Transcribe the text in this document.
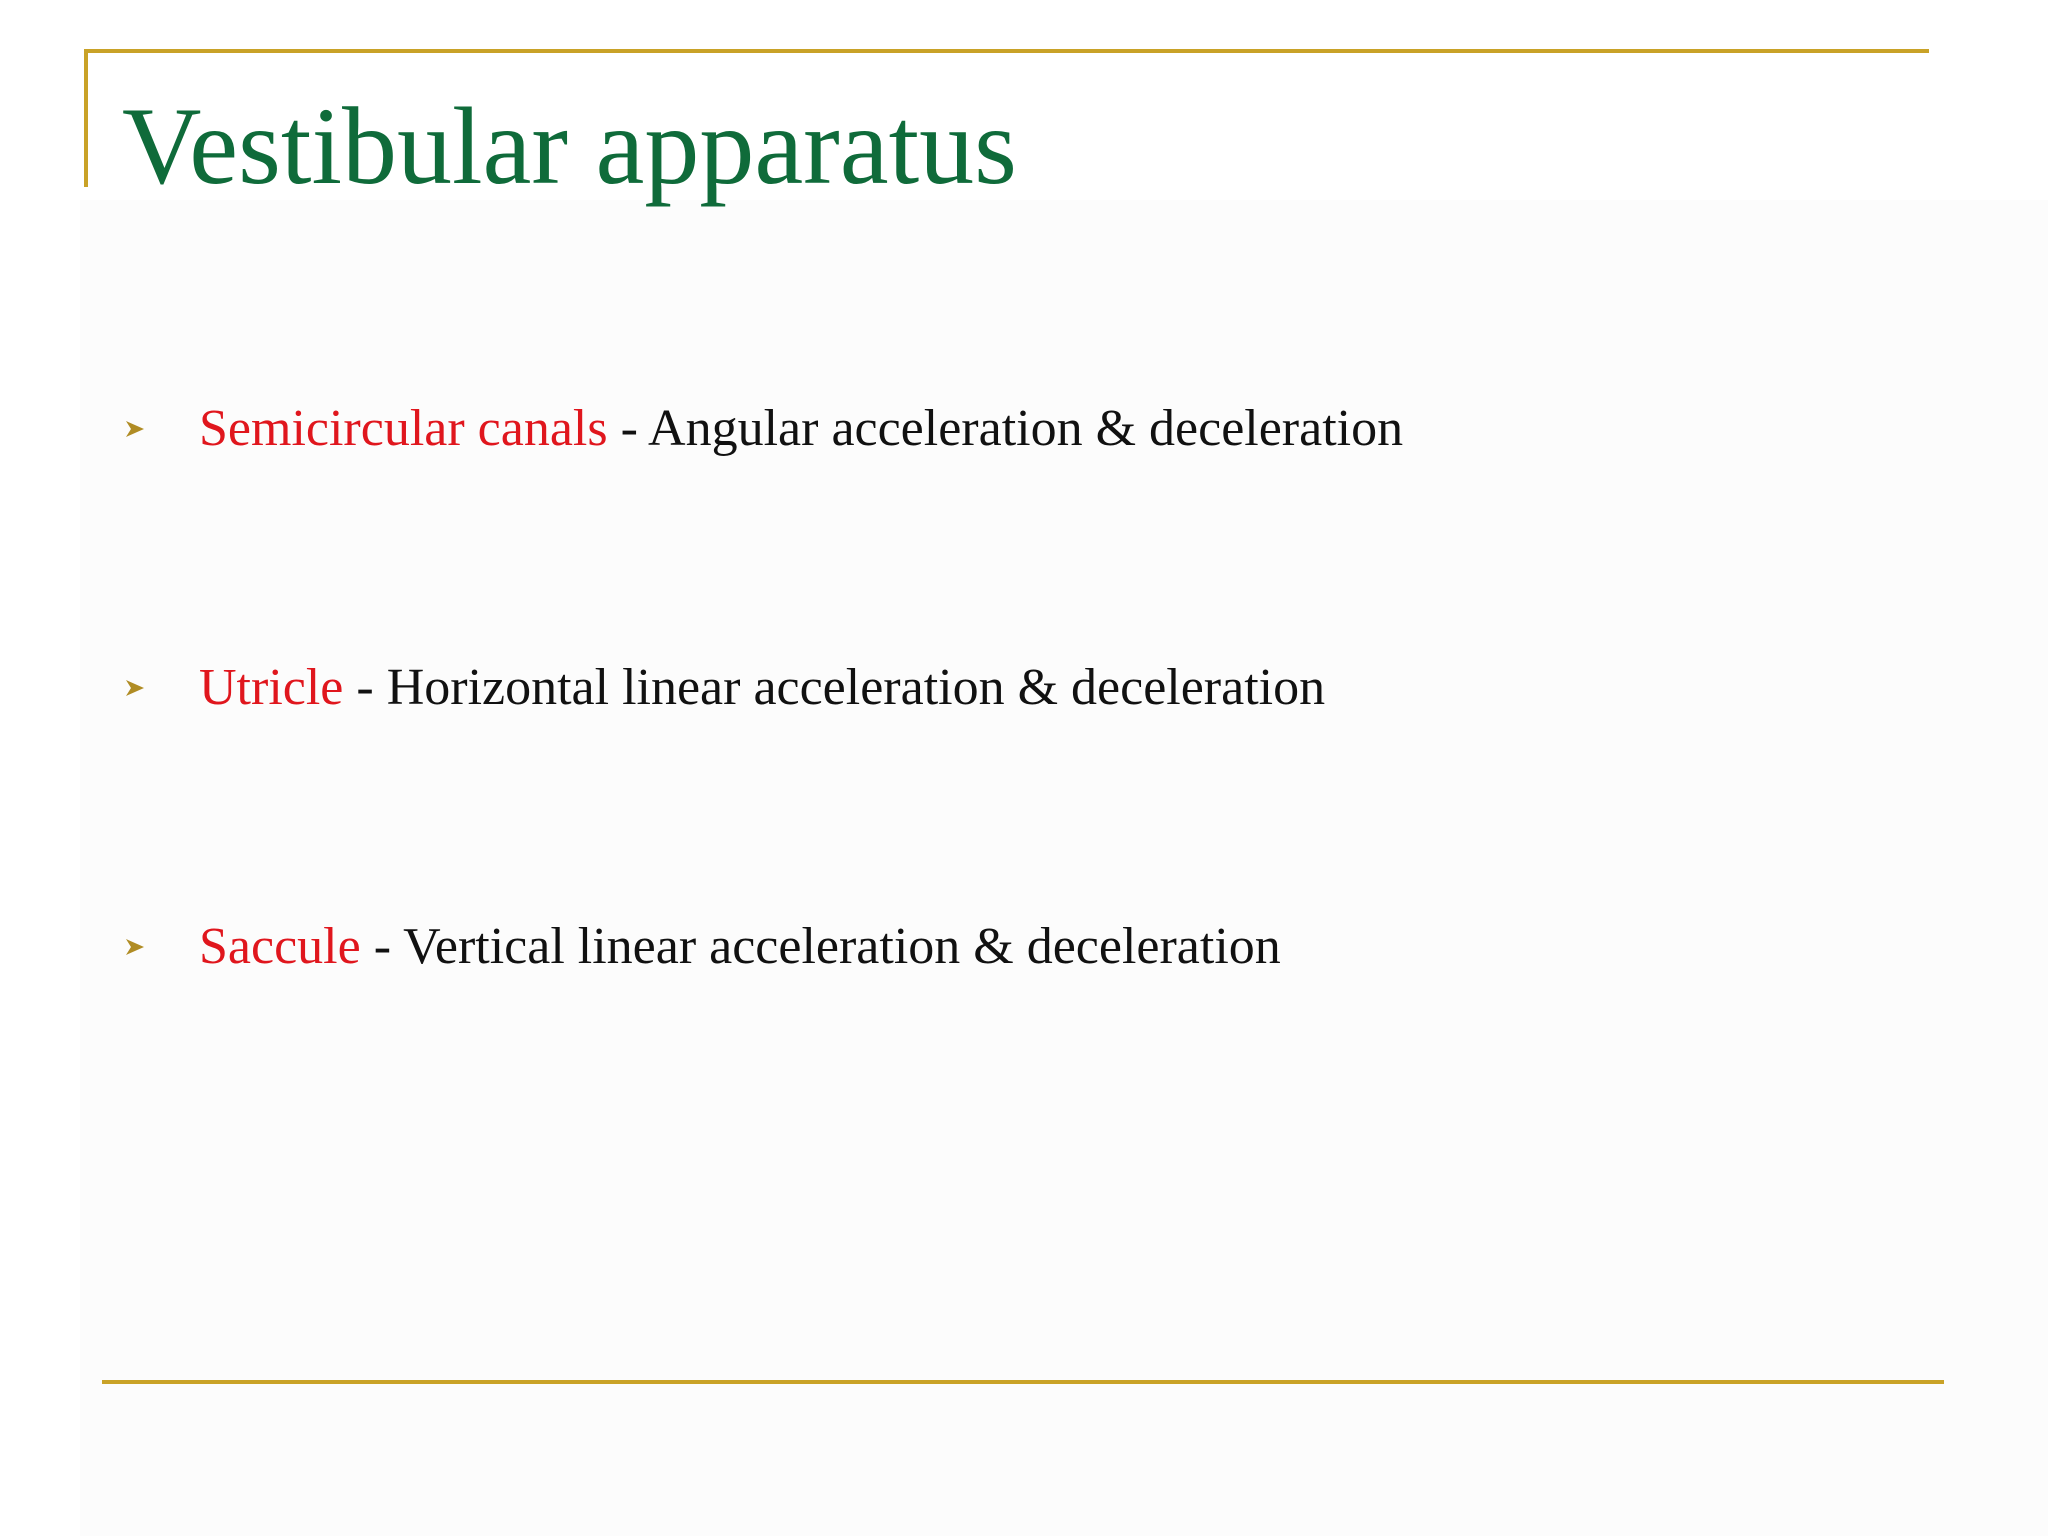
Vestibular apparatus
Semicircular canals - Angular acceleration & deceleration
Utricle - Horizontal linear acceleration & deceleration
Saccule - Vertical linear acceleration & deceleration
